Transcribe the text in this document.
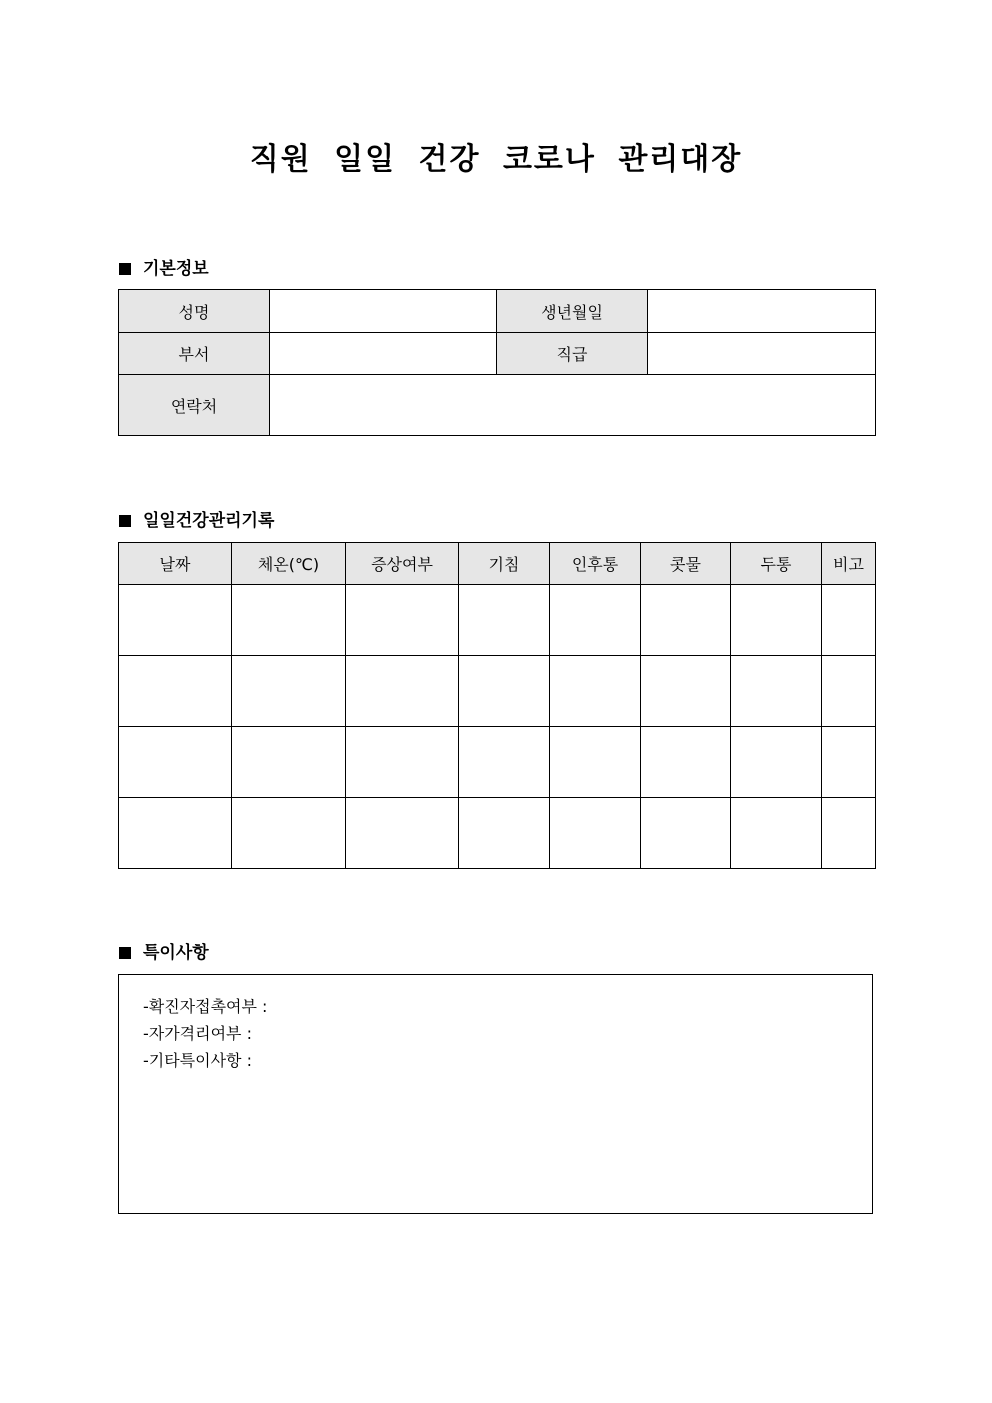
직원 일일 건강 코로나 관리대장
기본정보
성명		생년월일	
부서		직급	
연락처			
일일건강관리기록
날짜	체온(℃)	증상여부	기침	인후통	콧물	두통	비고

특이사항
-확진자접촉여부 :
-자가격리여부 :
-기타특이사항 :
